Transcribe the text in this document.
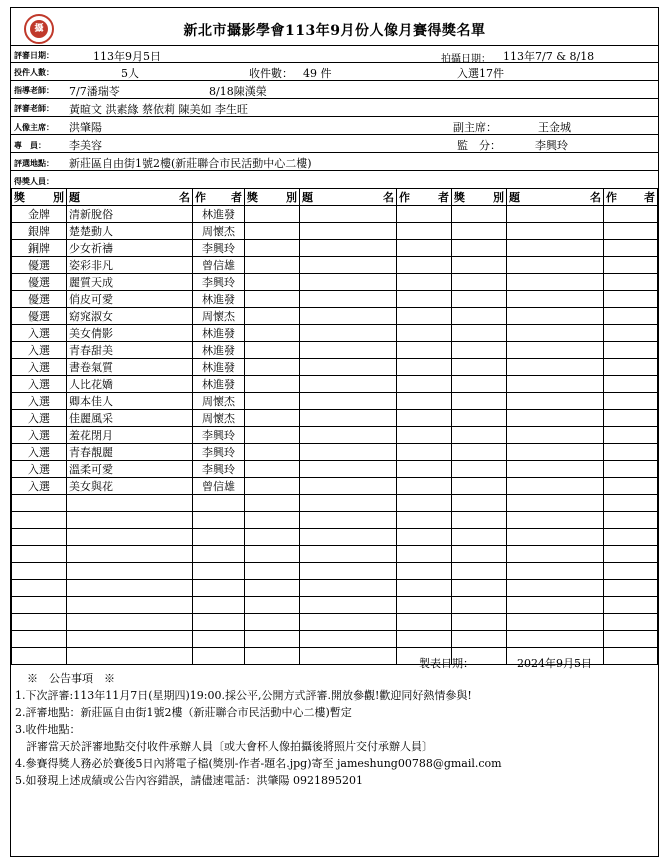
攝	新北市攝影學會113年9月份人像月賽得獎名單
評審日期：	113年9月5日	拍攝日期： 113年7/7 & 8/18
投件人數：	5人	收件數： 49 件	入選17件
指導老師： 7/7潘瑞苓	8/18陳漢榮
評審老師： 黃暄文 洪素緣 蔡依莉 陳美如 李生旺
人像主席： 洪肇陽	副主席：	王金城
專　員： 李美容	監　分：	李興玲
評選地點： 新莊區自由街1號2樓(新莊聯合市民活動中心二樓)
得獎人員：
獎 別	題 名	作 者	獎 別	題 名	作 者	獎 別	題 名	作 者

金牌	清新脫俗	林進發						
銀牌	楚楚動人	周懷杰						
銅牌	少女祈禱	李興玲						
優選	姿彩非凡	曾信雄						
優選	麗質天成	李興玲						
優選	俏皮可愛	林進發						
優選	窈窕淑女	周懷杰						
入選	美女倩影	林進發						
入選	青春甜美	林進發						
入選	書卷氣質	林進發						
入選	人比花嬌	林進發						
入選	卿本佳人	周懷杰						
入選	佳麗風采	周懷杰						
入選	羞花閉月	李興玲						
入選	青春靚麗	李興玲						
入選	溫柔可愛	李興玲						
入選	美女與花	曾信雄						

製表日期：	2024年9月5日
※　公告事項　※
1.下次評審:113年11月7日(星期四)19:00.採公平,公開方式評審.開放參觀!歡迎同好熱情參與!
2.評審地點：新莊區自由街1號2樓（新莊聯合市民活動中心二樓)暫定
3.收件地點：
　評審當天於評審地點交付收件承辦人員〔或大會杯人像拍攝後將照片交付承辦人員〕
4.參賽得獎人務必於賽後5日內將電子檔(獎別-作者-題名.jpg)寄至 jameshung00788@gmail.com
5.如發現上述成績或公告內容錯誤，請儘速電話：洪肇陽 0921895201
